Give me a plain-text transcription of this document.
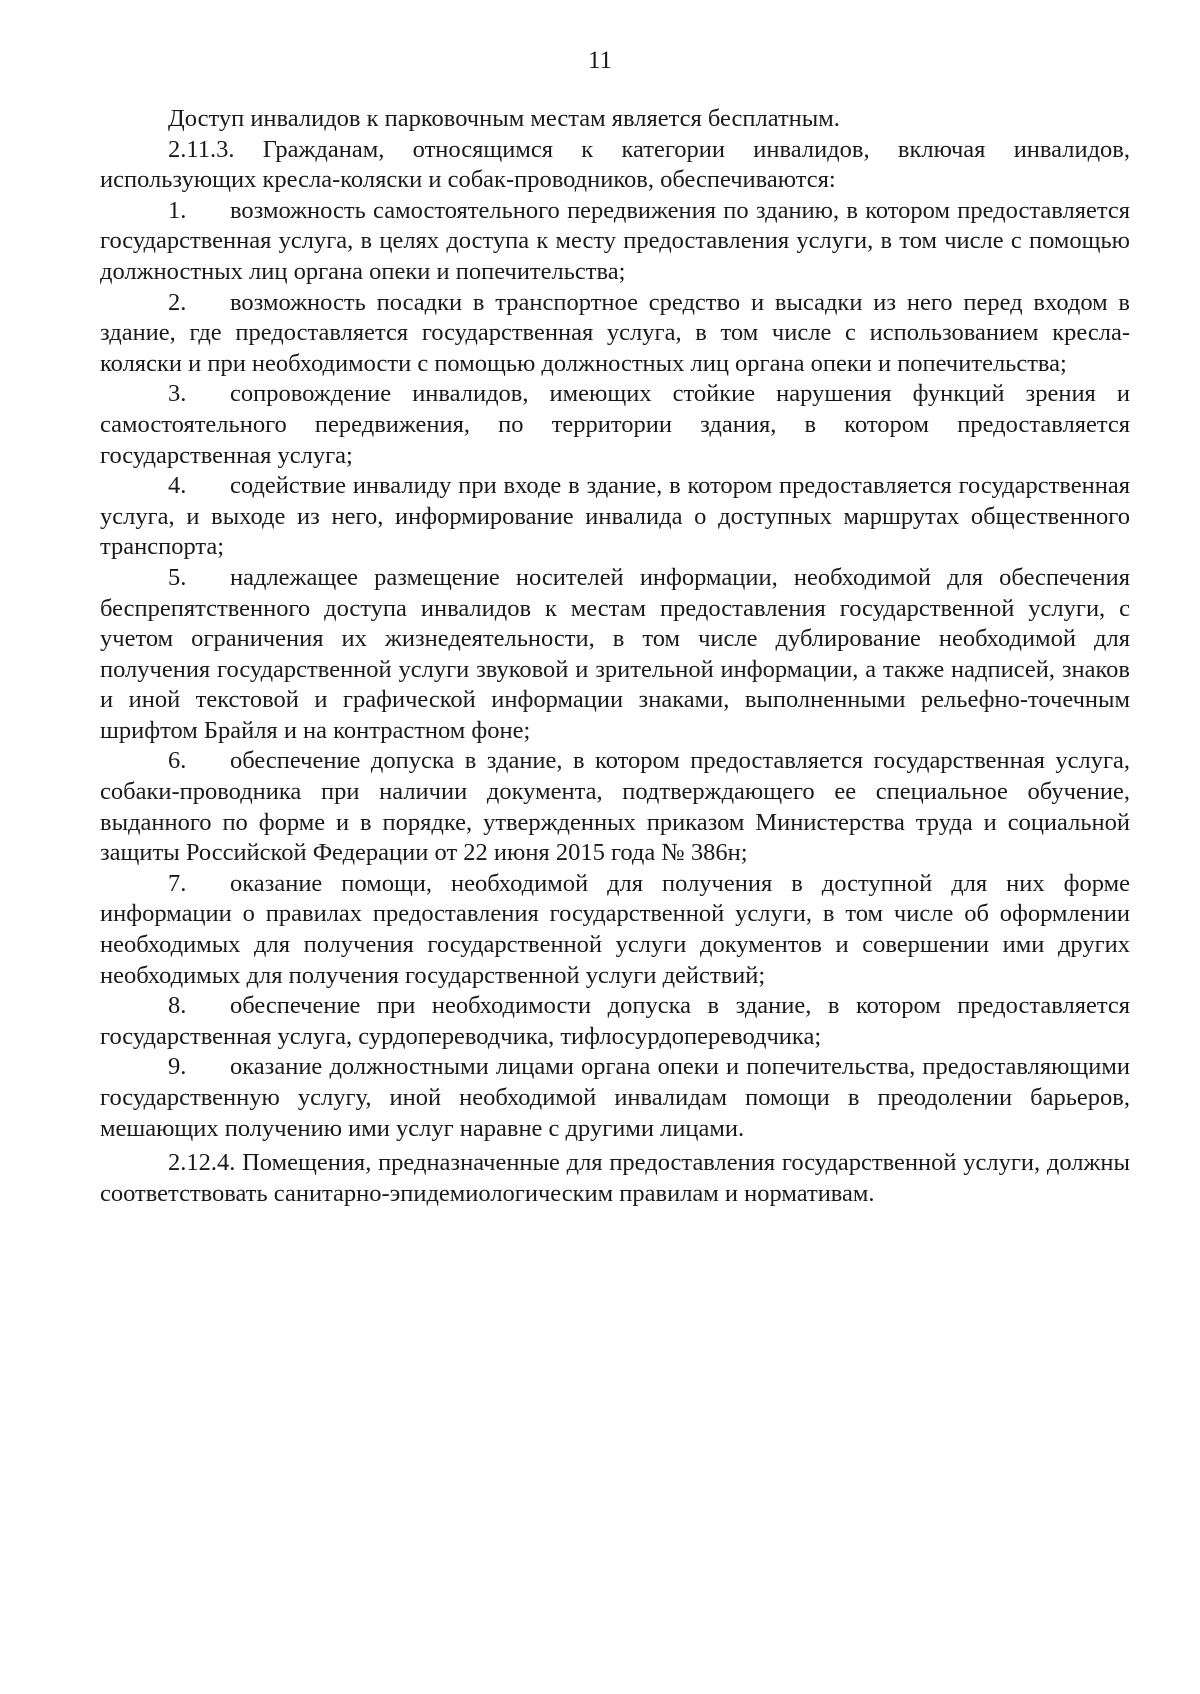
11

Доступ инвалидов к парковочным местам является бесплатным.

2.11.3. Гражданам, относящимся к категории инвалидов, включая инвалидов, использующих кресла-коляски и собак-проводников, обеспечиваются:

1. возможность самостоятельного передвижения по зданию, в котором предоставляется государственная услуга, в целях доступа к месту предоставления услуги, в том числе с помощью должностных лиц органа опеки и попечительства;

2. возможность посадки в транспортное средство и высадки из него перед входом в здание, где предоставляется государственная услуга, в том числе с использованием кресла-коляски и при необходимости с помощью должностных лиц органа опеки и попечительства;

3. сопровождение инвалидов, имеющих стойкие нарушения функций зрения и самостоятельного передвижения, по территории здания, в котором предоставляется государственная услуга;

4. содействие инвалиду при входе в здание, в котором предоставляется государственная услуга, и выходе из него, информирование инвалида о доступных маршрутах общественного транспорта;

5. надлежащее размещение носителей информации, необходимой для обеспечения беспрепятственного доступа инвалидов к местам предоставления государственной услуги, с учетом ограничения их жизнедеятельности, в том числе дублирование необходимой для получения государственной услуги звуковой и зрительной информации, а также надписей, знаков и иной текстовой и графической информации знаками, выполненными рельефно-точечным шрифтом Брайля и на контрастном фоне;

6. обеспечение допуска в здание, в котором предоставляется государственная услуга, собаки-проводника при наличии документа, подтверждающего ее специальное обучение, выданного по форме и в порядке, утвержденных приказом Министерства труда и социальной защиты Российской Федерации от 22 июня 2015 года № 386н;

7. оказание помощи, необходимой для получения в доступной для них форме информации о правилах предоставления государственной услуги, в том числе об оформлении необходимых для получения государственной услуги документов и совершении ими других необходимых для получения государственной услуги действий;

8. обеспечение при необходимости допуска в здание, в котором предоставляется государственная услуга, сурдопереводчика, тифлосурдопереводчика;

9. оказание должностными лицами органа опеки и попечительства, предоставляющими государственную услугу, иной необходимой инвалидам помощи в преодолении барьеров, мешающих получению ими услуг наравне с другими лицами.

2.12.4. Помещения, предназначенные для предоставления государственной услуги, должны соответствовать санитарно-эпидемиологическим правилам и нормативам.
